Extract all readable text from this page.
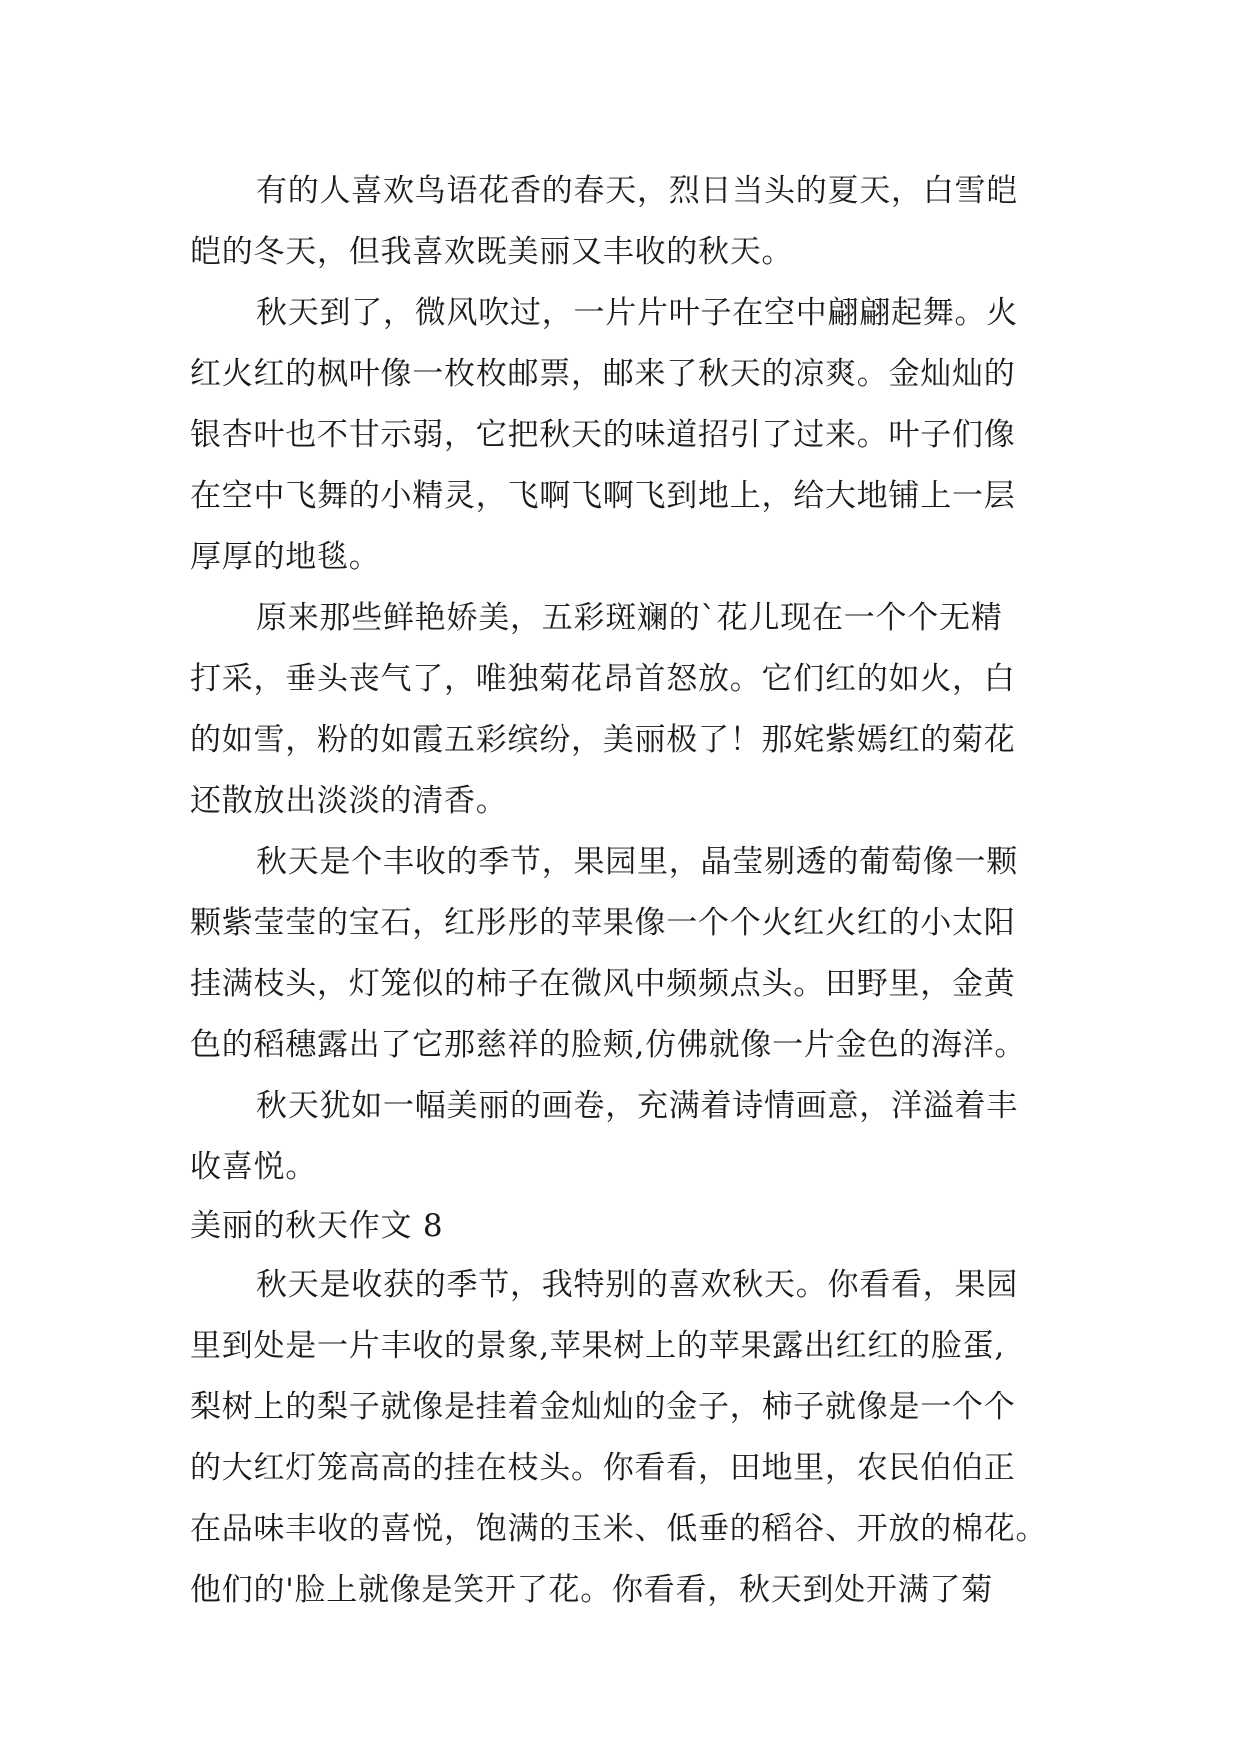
有的人喜欢鸟语花香的春天，烈日当头的夏天，白雪皑
皑的冬天，但我喜欢既美丽又丰收的秋天。
秋天到了，微风吹过，一片片叶子在空中翩翩起舞。火
红火红的枫叶像一枚枚邮票，邮来了秋天的凉爽。金灿灿的
银杏叶也不甘示弱，它把秋天的味道招引了过来。叶子们像
在空中飞舞的小精灵，飞啊飞啊飞到地上，给大地铺上一层
厚厚的地毯。
原来那些鲜艳娇美，五彩斑斓的`花儿现在一个个无精
打采，垂头丧气了，唯独菊花昂首怒放。它们红的如火，白
的如雪，粉的如霞五彩缤纷，美丽极了！那姹紫嫣红的菊花
还散放出淡淡的清香。
秋天是个丰收的季节，果园里，晶莹剔透的葡萄像一颗
颗紫莹莹的宝石，红彤彤的苹果像一个个火红火红的小太阳
挂满枝头，灯笼似的柿子在微风中频频点头。田野里，金黄
色的稻穗露出了它那慈祥的脸颊,仿佛就像一片金色的海洋。
秋天犹如一幅美丽的画卷，充满着诗情画意，洋溢着丰
收喜悦。
美丽的秋天作文 8
秋天是收获的季节，我特别的喜欢秋天。你看看，果园
里到处是一片丰收的景象,苹果树上的苹果露出红红的脸蛋,
梨树上的梨子就像是挂着金灿灿的金子，柿子就像是一个个
的大红灯笼高高的挂在枝头。你看看，田地里，农民伯伯正
在品味丰收的喜悦，饱满的玉米、低垂的稻谷、开放的棉花。
他们的'脸上就像是笑开了花。你看看，秋天到处开满了菊
